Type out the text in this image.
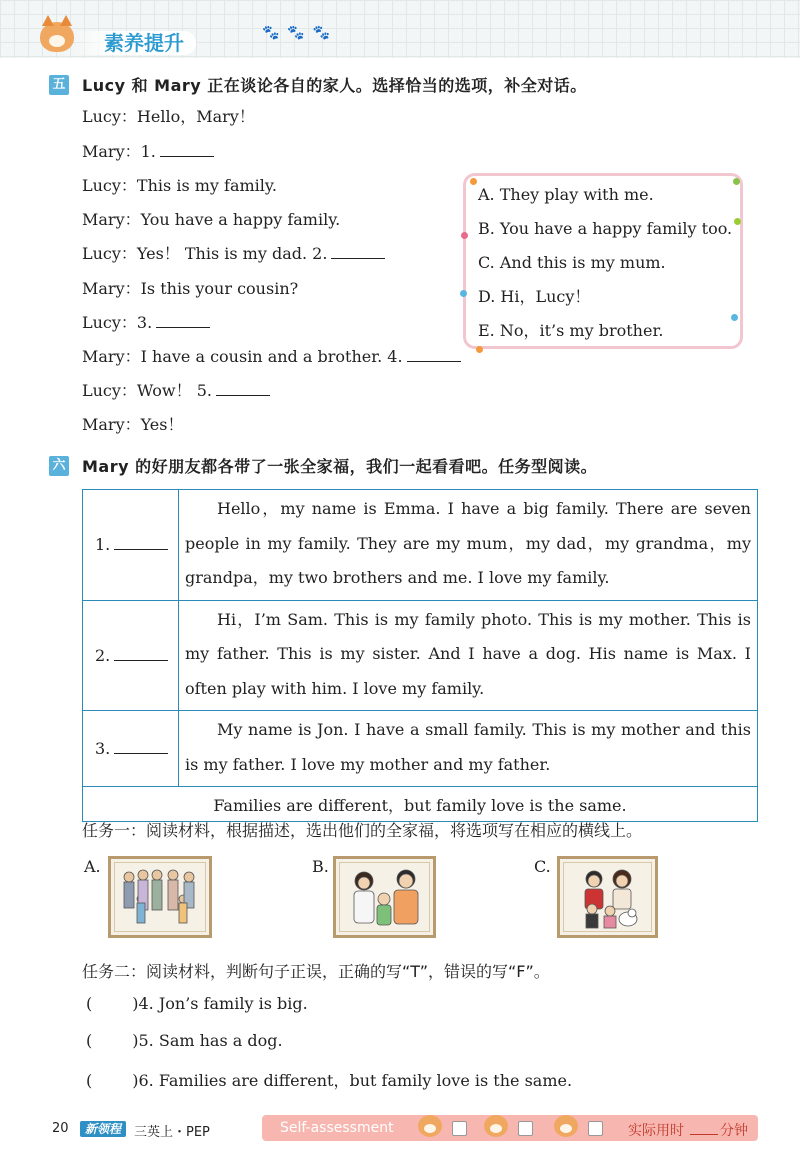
素养提升	🐾🐾🐾
五 Lucy 和 Mary 正在谈论各自的家人。选择恰当的选项，补全对话。
Lucy：Hello，Mary！
Mary：1.
Lucy：This is my family.
Mary：You have a happy family.
Lucy：Yes！ This is my dad. 2.
Mary：Is this your cousin?
Lucy：3.
Mary：I have a cousin and a brother. 4.
Lucy：Wow！ 5.
Mary：Yes！
A. They play with me.
B. You have a happy family too.
C. And this is my mum.
D. Hi，Lucy！
E. No，it’s my brother.
六 Mary 的好朋友都各带了一张全家福，我们一起看看吧。任务型阅读。
1.	Hello，my name is Emma. I have a big family. There are seven people in my family. They are my mum，my dad，my grandma，my grandpa，my two brothers and me. I love my family.

2.	Hi，I’m Sam. This is my family photo. This is my mother. This is my father. This is my sister. And I have a dog. His name is Max. I often play with him. I love my family.

3.	My name is Jon. I have a small family. This is my mother and this is my father. I love my mother and my father.

Families are different，but family love is the same.	
任务一：阅读材料，根据描述，选出他们的全家福，将选项写在相应的横线上。
A.	B.	C.
任务二：阅读材料，判断句子正误，正确的写“T”，错误的写“F”。
(	)4. Jon’s family is big.
(	)5. Sam has a dog.
(	)6. Families are different，but family love is the same.
20	新领程 三英上・PEP	Self-assessment	实际用时	分钟
